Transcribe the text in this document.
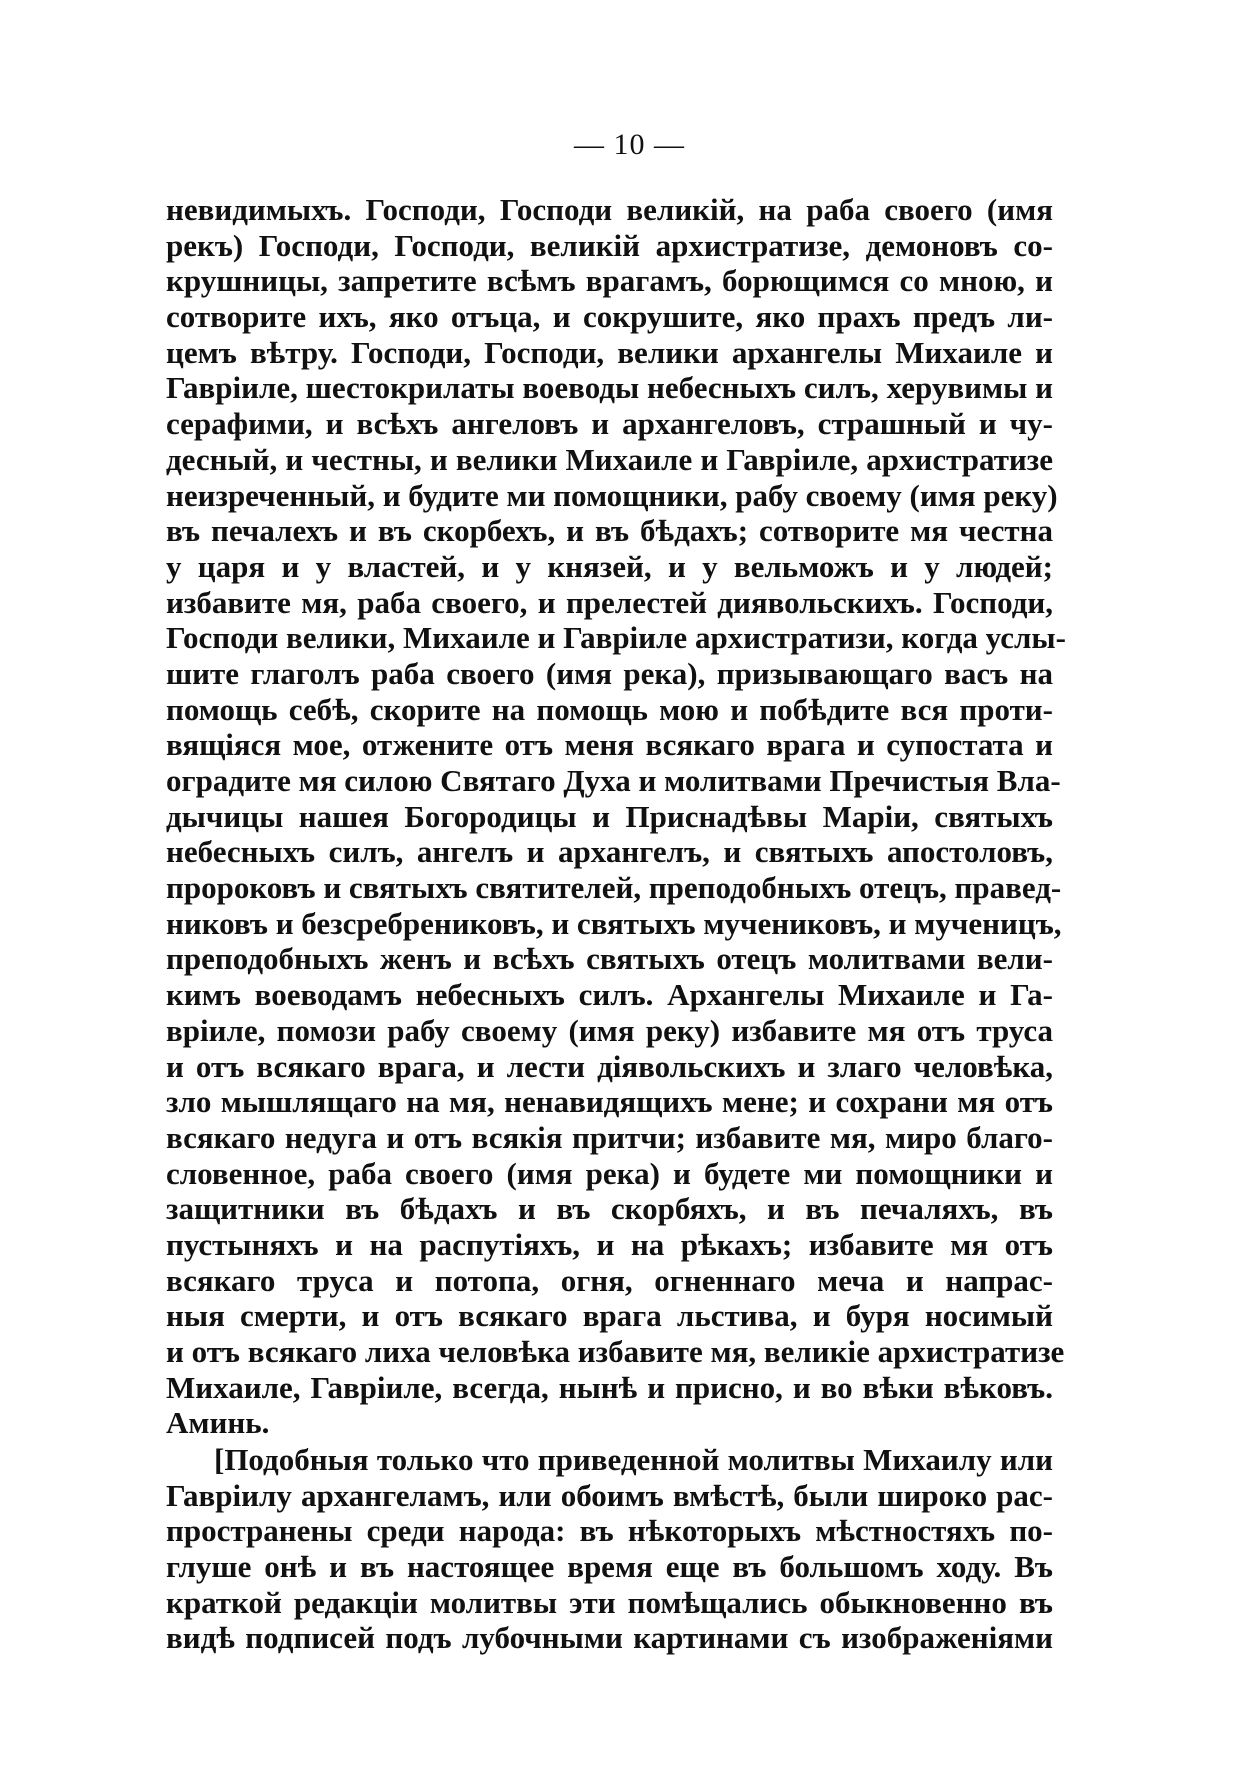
— 10 —
невидимыхъ. Господи, Господи великій, на раба своего (имя
рекъ) Господи, Господи, великій архистратизе, демоновъ со-
крушницы, запретите всѣмъ врагамъ, борющимся со мною, и
сотворите ихъ, яко отъца, и сокрушите, яко прахъ предъ ли-
цемъ вѣтру. Господи, Господи, велики архангелы Михаиле и
Гавріиле, шестокрилаты воеводы небесныхъ силъ, херувимы и
серафими, и всѣхъ ангеловъ и архангеловъ, страшный и чу-
десный, и честны, и велики Михаиле и Гавріиле, архистратизе
неизреченный, и будите ми помощники, рабу своему (имя реку)
въ печалехъ и въ скорбехъ, и въ бѣдахъ; сотворите мя честна
у царя и у властей, и у князей, и у вельможъ и у людей;
избавите мя, раба своего, и прелестей диявольскихъ. Господи,
Господи велики, Михаиле и Гавріиле архистратизи, когда услы-
шите глаголъ раба своего (имя река), призывающаго васъ на
помощь себѣ, скорите на помощь мою и побѣдите вся проти-
вящіяся мое, отжените отъ меня всякаго врага и супостата и
оградите мя силою Святаго Духа и молитвами Пречистыя Вла-
дычицы нашея Богородицы и Приснадѣвы Маріи, святыхъ
небесныхъ силъ, ангелъ и архангелъ, и святыхъ апостоловъ,
пророковъ и святыхъ святителей, преподобныхъ отецъ, правед-
никовъ и безсребрениковъ, и святыхъ мучениковъ, и мученицъ,
преподобныхъ женъ и всѣхъ святыхъ отецъ молитвами вели-
кимъ воеводамъ небесныхъ силъ. Архангелы Михаиле и Га-
вріиле, помози рабу своему (имя реку) избавите мя отъ труса
и отъ всякаго врага, и лести діявольскихъ и злаго человѣка,
зло мышлящаго на мя, ненавидящихъ мене; и сохрани мя отъ
всякаго недуга и отъ всякія притчи; избавите мя, миро благо-
словенное, раба своего (имя река) и будете ми помощники и
защитники въ бѣдахъ и въ скорбяхъ, и въ печаляхъ, въ
пустыняхъ и на распутіяхъ, и на рѣкахъ; избавите мя отъ
всякаго труса и потопа, огня, огненнаго меча и напрас-
ныя смерти, и отъ всякаго врага льстива, и буря носимый
и отъ всякаго лиха человѣка избавите мя, великіе архистратизе
Михаиле, Гавріиле, всегда, нынѣ и присно, и во вѣки вѣковъ.
Аминь.
[Подобныя только что приведенной молитвы Михаилу или
Гавріилу архангеламъ, или обоимъ вмѣстѣ, были широко рас-
пространены среди народа: въ нѣкоторыхъ мѣстностяхъ по-
глуше онѣ и въ настоящее время еще въ большомъ ходу. Въ
краткой редакціи молитвы эти помѣщались обыкновенно въ
видѣ подписей подъ лубочными картинами съ изображеніями
